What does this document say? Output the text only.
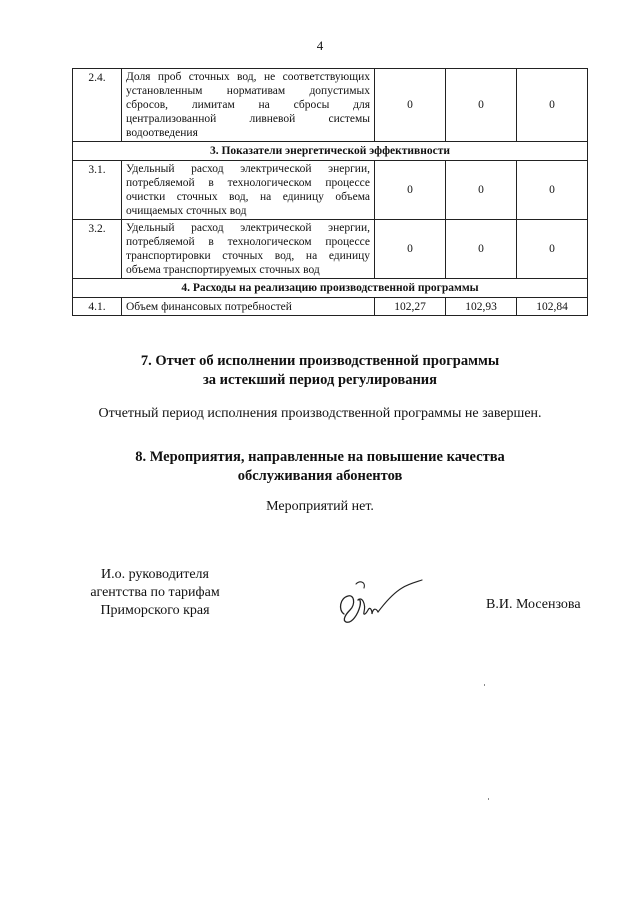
4
2.4.	Доля проб сточных вод, не соответствующих установленным нормативам допустимых сбросов, лимитам на сбросы для централизованной ливневой системы водоотведения	0	0	0
3. Показатели энергетической эффективности				
3.1.	Удельный расход электрической энергии, потребляемой в технологическом процессе очистки сточных вод, на единицу объема очищаемых сточных вод	0	0	0
3.2.	Удельный расход электрической энергии, потребляемой в технологическом процессе транспортировки сточных вод, на единицу объема транспортируемых сточных вод	0	0	0
4. Расходы на реализацию производственной программы				
4.1.	Объем финансовых потребностей	102,27	102,93	102,84
7. Отчет об исполнении производственной программы
за истекший период регулирования
Отчетный период исполнения производственной программы не завершен.
8. Мероприятия, направленные на повышение качества
обслуживания абонентов
Мероприятий нет.
И.о. руководителя
агентства по тарифам
Приморского края	В.И. Мосензова
